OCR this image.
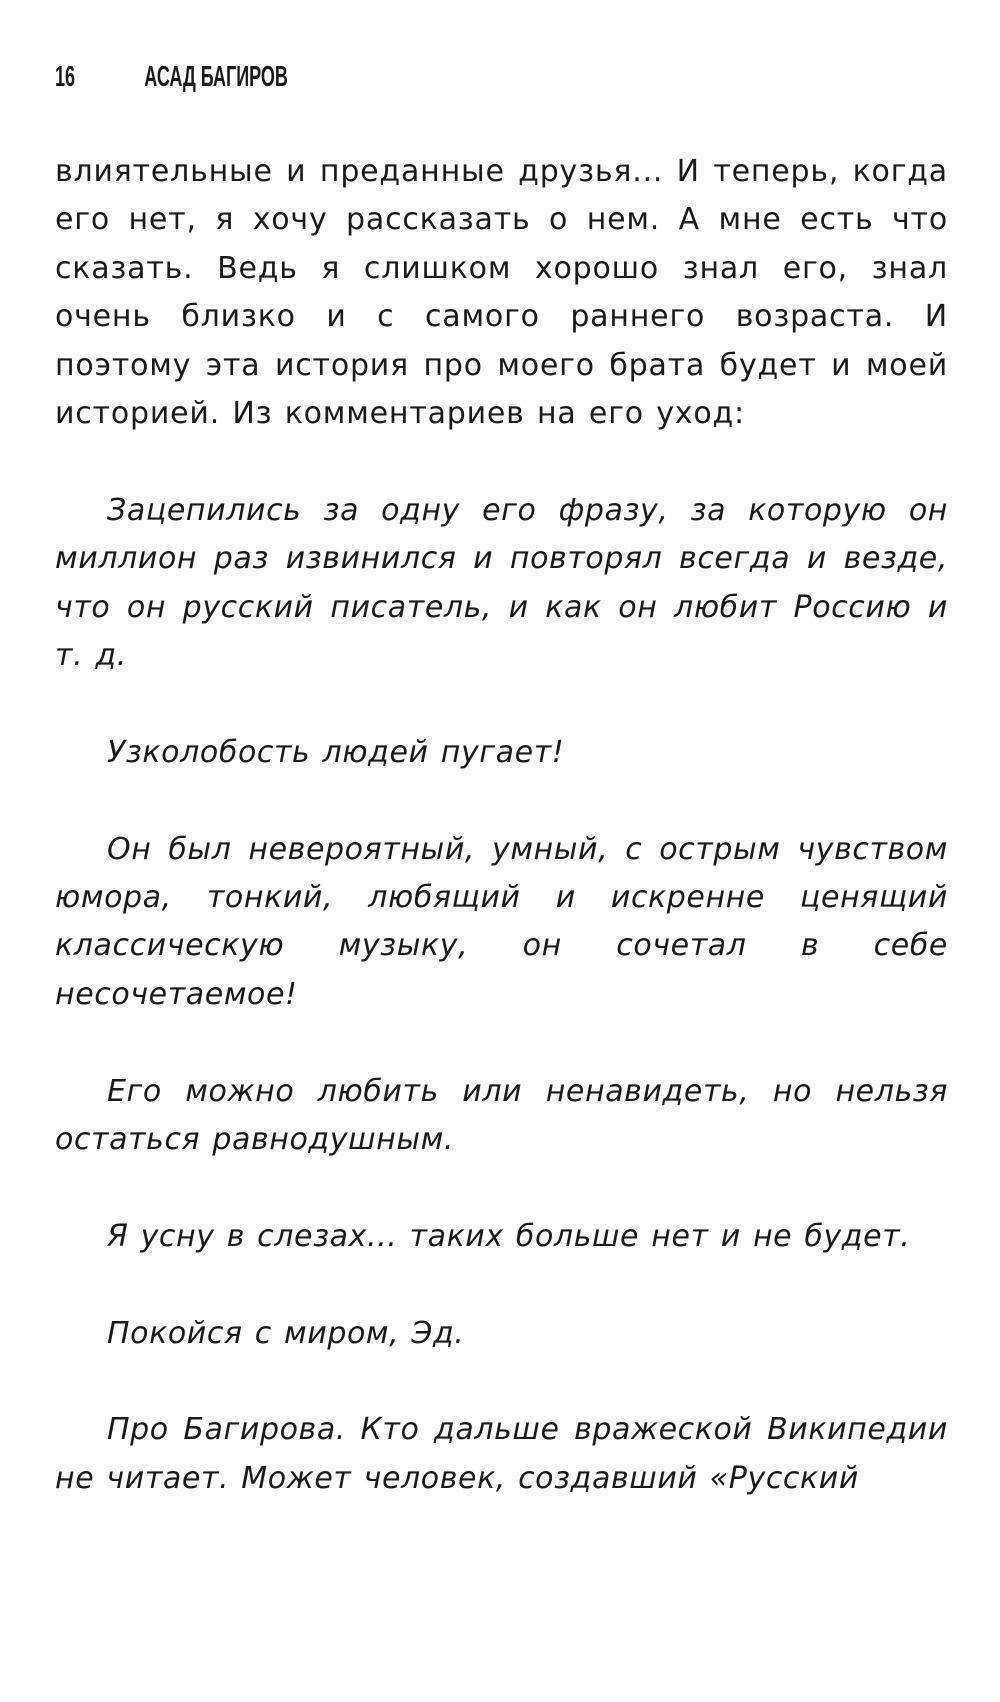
16	АСАД БАГИРОВ

влиятельные и преданные друзья... И теперь, когда его нет, я хочу рассказать о нем. А мне есть что сказать. Ведь я слишком хорошо знал его, знал очень близко и с самого раннего возраста. И поэтому эта история про моего брата будет и моей историей. Из комментариев на его уход:

Зацепились за одну его фразу, за которую он миллион раз извинился и повторял всегда и везде, что он русский писатель, и как он любит Россию и т. д.

Узколобость людей пугает!

Он был невероятный, умный, с острым чувством юмора, тонкий, любящий и искренне ценящий классическую музыку, он сочетал в себе несочетаемое!

Его можно любить или ненавидеть, но нельзя остаться равнодушным.

Я усну в слезах... таких больше нет и не будет.

Покойся с миром, Эд.

Про Багирова. Кто дальше вражеской Википедии не читает. Может человек, создавший «Русский
